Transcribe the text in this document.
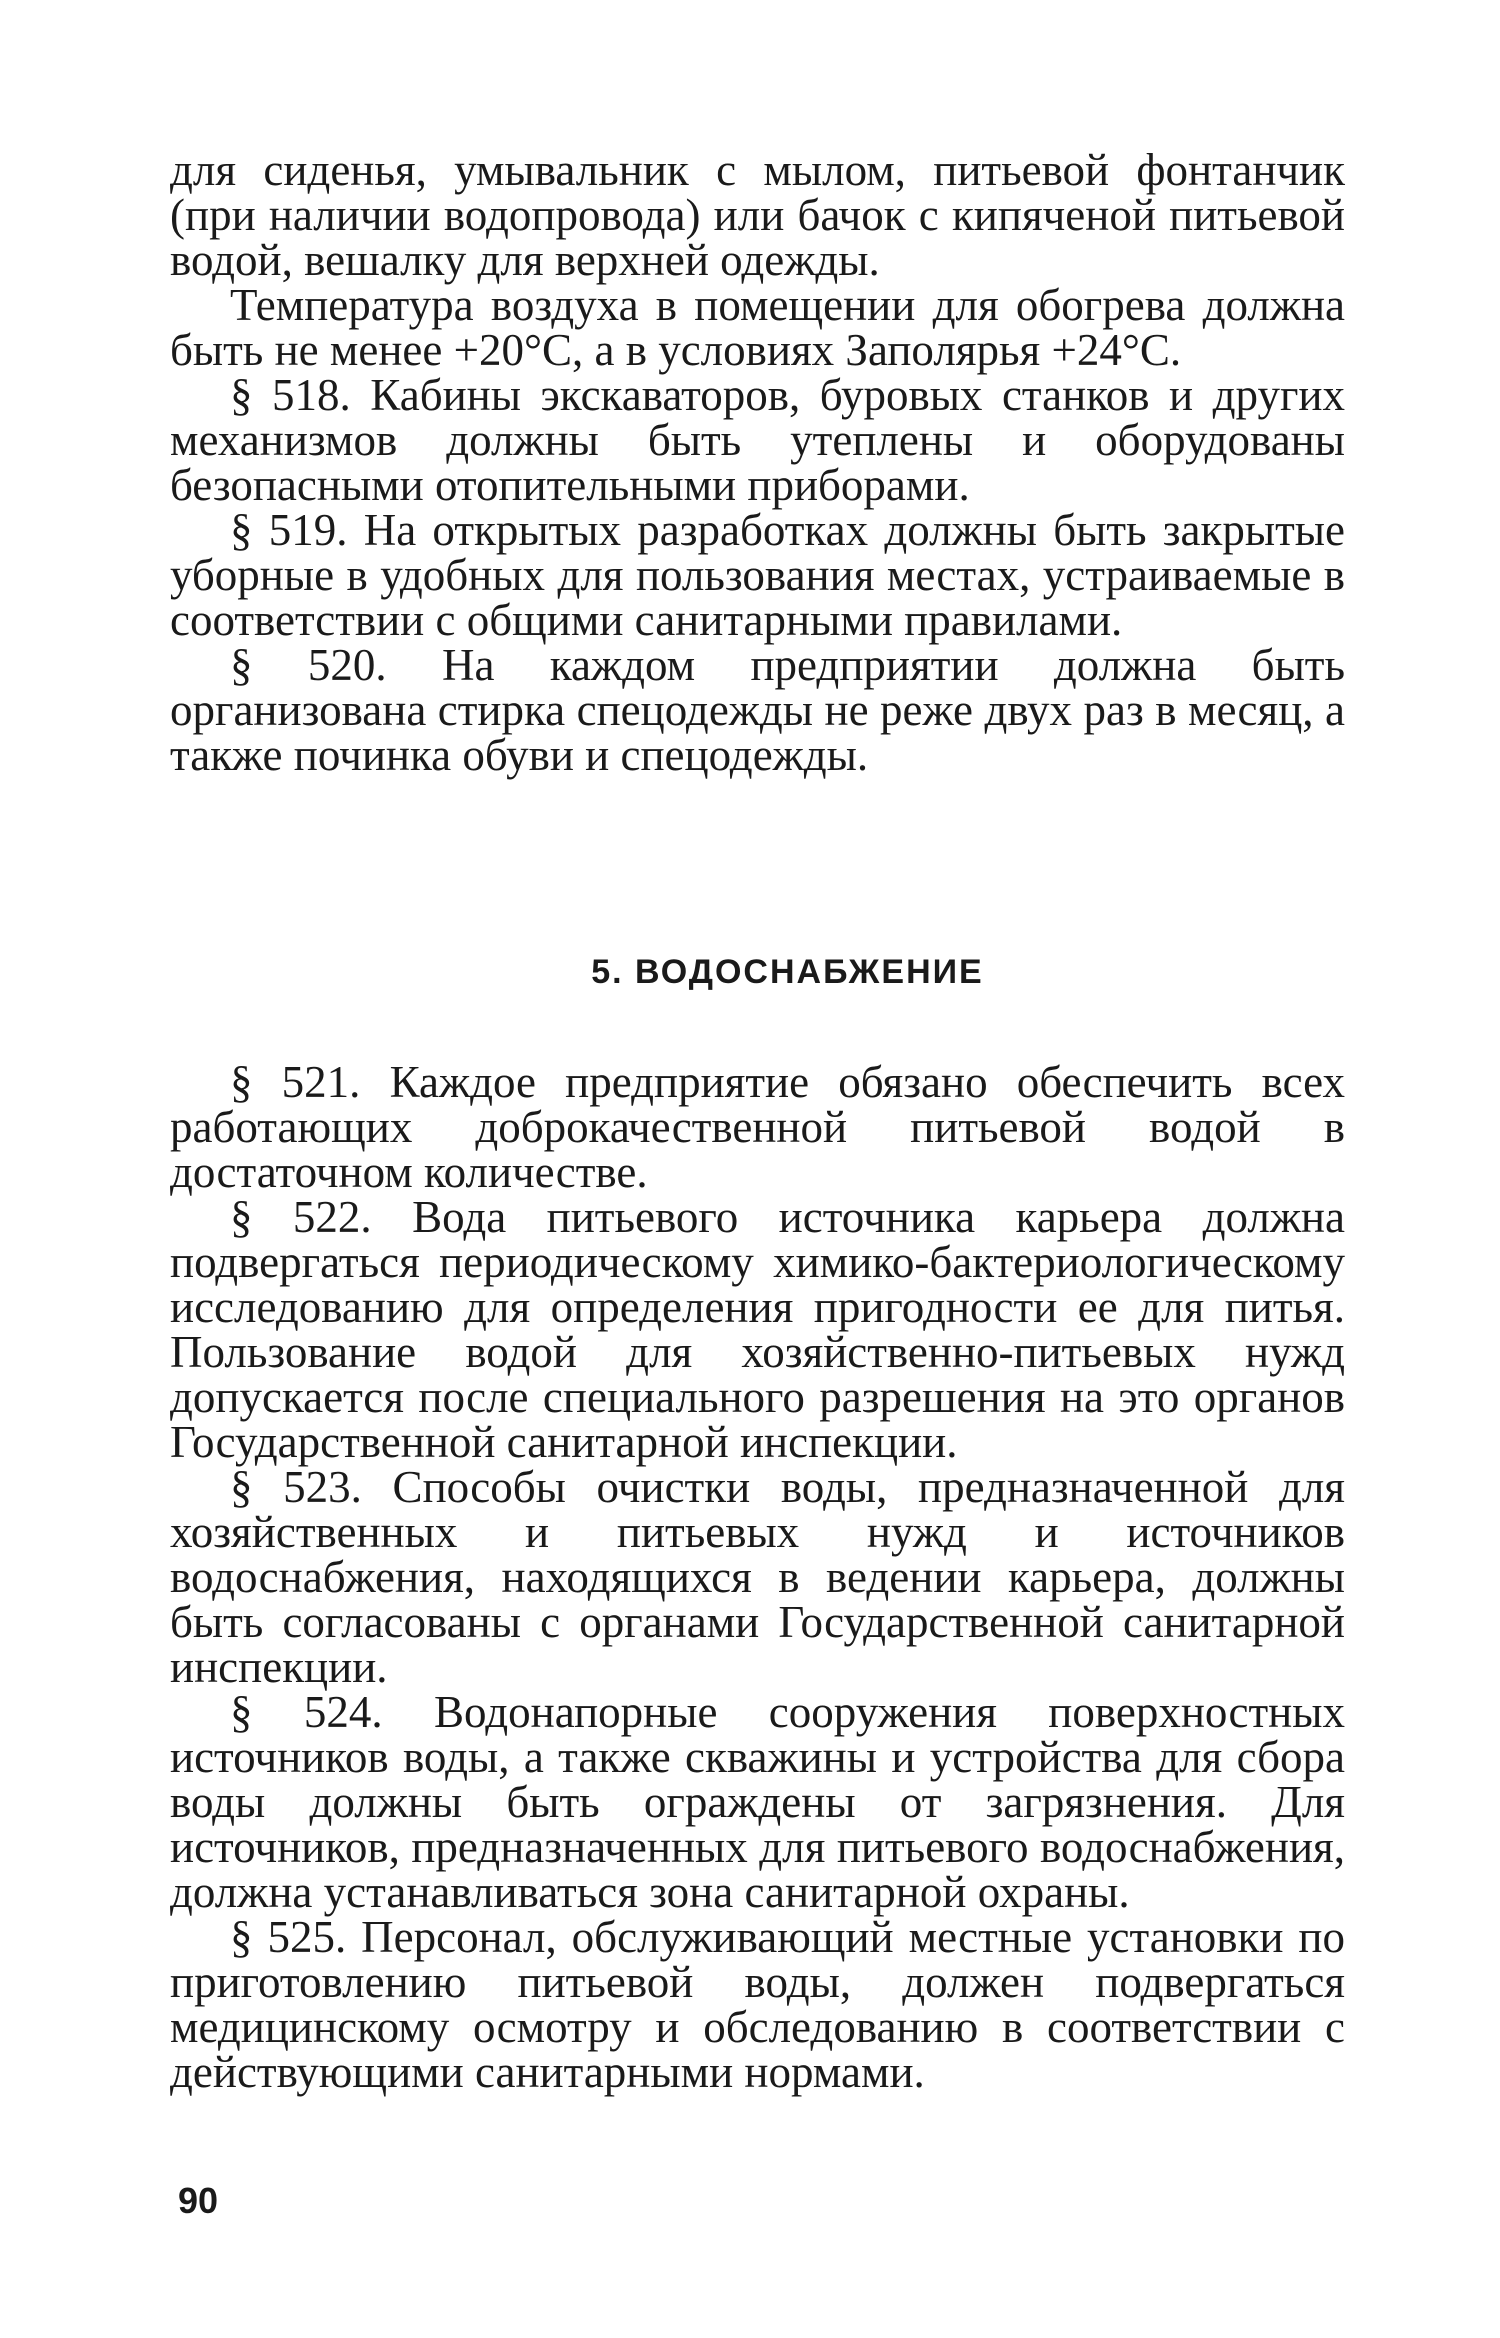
для сиденья, умывальник с мылом, питьевой фонтанчик (при наличии водопровода) или бачок с кипяченой питьевой водой, вешалку для верхней одежды.

Температура воздуха в помещении для обогрева должна быть не менее +20°С, а в условиях Заполярья +24°С.

§ 518. Кабины экскаваторов, буровых станков и других механизмов должны быть утеплены и оборудованы безопасными отопительными приборами.

§ 519. На открытых разработках должны быть закрытые уборные в удобных для пользования местах, устраиваемые в соответствии с общими санитарными правилами.

§ 520. На каждом предприятии должна быть организована стирка спецодежды не реже двух раз в месяц, а также починка обуви и спецодежды.

5. ВОДОСНАБЖЕНИЕ

§ 521. Каждое предприятие обязано обеспечить всех работающих доброкачественной питьевой водой в достаточном количестве.

§ 522. Вода питьевого источника карьера должна подвергаться периодическому химико-бактериологическому исследованию для определения пригодности ее для питья. Пользование водой для хозяйственно-питьевых нужд допускается после специального разрешения на это органов Государственной санитарной инспекции.

§ 523. Способы очистки воды, предназначенной для хозяйственных и питьевых нужд и источников водоснабжения, находящихся в ведении карьера, должны быть согласованы с органами Государственной санитарной инспекции.

§ 524. Водонапорные сооружения поверхностных источников воды, а также скважины и устройства для сбора воды должны быть ограждены от загрязнения. Для источников, предназначенных для питьевого водоснабжения, должна устанавливаться зона санитарной охраны.

§ 525. Персонал, обслуживающий местные установки по приготовлению питьевой воды, должен подвергаться медицинскому осмотру и обследованию в соответствии с действующими санитарными нормами.

90
